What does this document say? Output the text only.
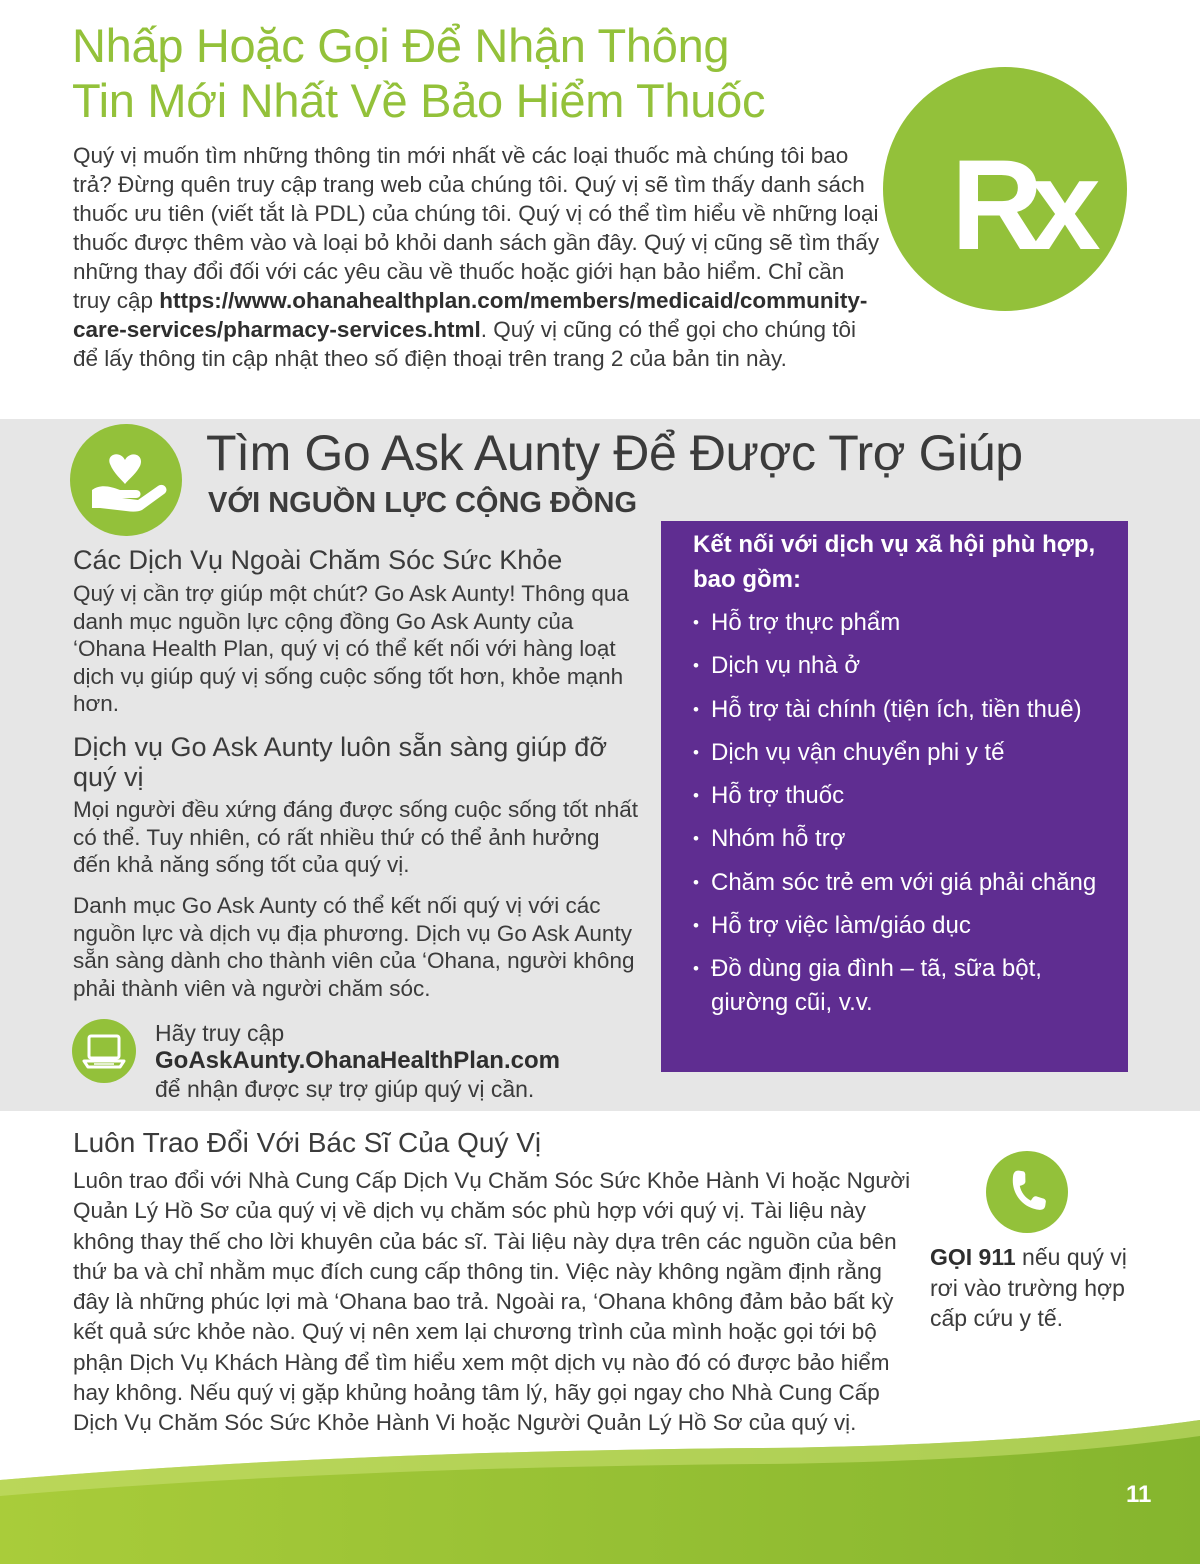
Nhấp Hoặc Gọi Để Nhận Thông
Tin Mới Nhất Về Bảo Hiểm Thuốc

Quý vị muốn tìm những thông tin mới nhất về các loại thuốc mà chúng tôi bao trả? Đừng quên truy cập trang web của chúng tôi. Quý vị sẽ tìm thấy danh sách thuốc ưu tiên (viết tắt là PDL) của chúng tôi. Quý vị có thể tìm hiểu về những loại thuốc được thêm vào và loại bỏ khỏi danh sách gần đây. Quý vị cũng sẽ tìm thấy những thay đổi đối với các yêu cầu về thuốc hoặc giới hạn bảo hiểm. Chỉ cần truy cập https://www.ohanahealthplan.com/members/medicaid/community-care-services/pharmacy-services.html. Quý vị cũng có thể gọi cho chúng tôi để lấy thông tin cập nhật theo số điện thoại trên trang 2 của bản tin này.

Rx
Tìm Go Ask Aunty Để Được Trợ Giúp
VỚI NGUỒN LỰC CỘNG ĐỒNG
Các Dịch Vụ Ngoài Chăm Sóc Sức Khỏe

Quý vị cần trợ giúp một chút? Go Ask Aunty! Thông qua danh mục nguồn lực cộng đồng Go Ask Aunty của ‘Ohana Health Plan, quý vị có thể kết nối với hàng loạt dịch vụ giúp quý vị sống cuộc sống tốt hơn, khỏe mạnh hơn.

Dịch vụ Go Ask Aunty luôn sẵn sàng giúp đỡ quý vị

Mọi người đều xứng đáng được sống cuộc sống tốt nhất có thể. Tuy nhiên, có rất nhiều thứ có thể ảnh hưởng đến khả năng sống tốt của quý vị.

Danh mục Go Ask Aunty có thể kết nối quý vị với các nguồn lực và dịch vụ địa phương. Dịch vụ Go Ask Aunty sẵn sàng dành cho thành viên của ‘Ohana, người không phải thành viên và người chăm sóc.

Hãy truy cập
GoAskAunty.OhanaHealthPlan.com
để nhận được sự trợ giúp quý vị cần.
Kết nối với dịch vụ xã hội phù hợp, bao gồm:
• Hỗ trợ thực phẩm
• Dịch vụ nhà ở
• Hỗ trợ tài chính (tiện ích, tiền thuê)
• Dịch vụ vận chuyển phi y tế
• Hỗ trợ thuốc
• Nhóm hỗ trợ
• Chăm sóc trẻ em với giá phải chăng
• Hỗ trợ việc làm/giáo dục
• Đồ dùng gia đình – tã, sữa bột, giường cũi, v.v.
Luôn Trao Đổi Với Bác Sĩ Của Quý Vị

Luôn trao đổi với Nhà Cung Cấp Dịch Vụ Chăm Sóc Sức Khỏe Hành Vi hoặc Người Quản Lý Hồ Sơ của quý vị về dịch vụ chăm sóc phù hợp với quý vị. Tài liệu này không thay thế cho lời khuyên của bác sĩ. Tài liệu này dựa trên các nguồn của bên thứ ba và chỉ nhằm mục đích cung cấp thông tin. Việc này không ngầm định rằng đây là những phúc lợi mà ‘Ohana bao trả. Ngoài ra, ‘Ohana không đảm bảo bất kỳ kết quả sức khỏe nào. Quý vị nên xem lại chương trình của mình hoặc gọi tới bộ phận Dịch Vụ Khách Hàng để tìm hiểu xem một dịch vụ nào đó có được bảo hiểm hay không. Nếu quý vị gặp khủng hoảng tâm lý, hãy gọi ngay cho Nhà Cung Cấp Dịch Vụ Chăm Sóc Sức Khỏe Hành Vi hoặc Người Quản Lý Hồ Sơ của quý vị.

GỌI 911 nếu quý vị rơi vào trường hợp cấp cứu y tế.

11
